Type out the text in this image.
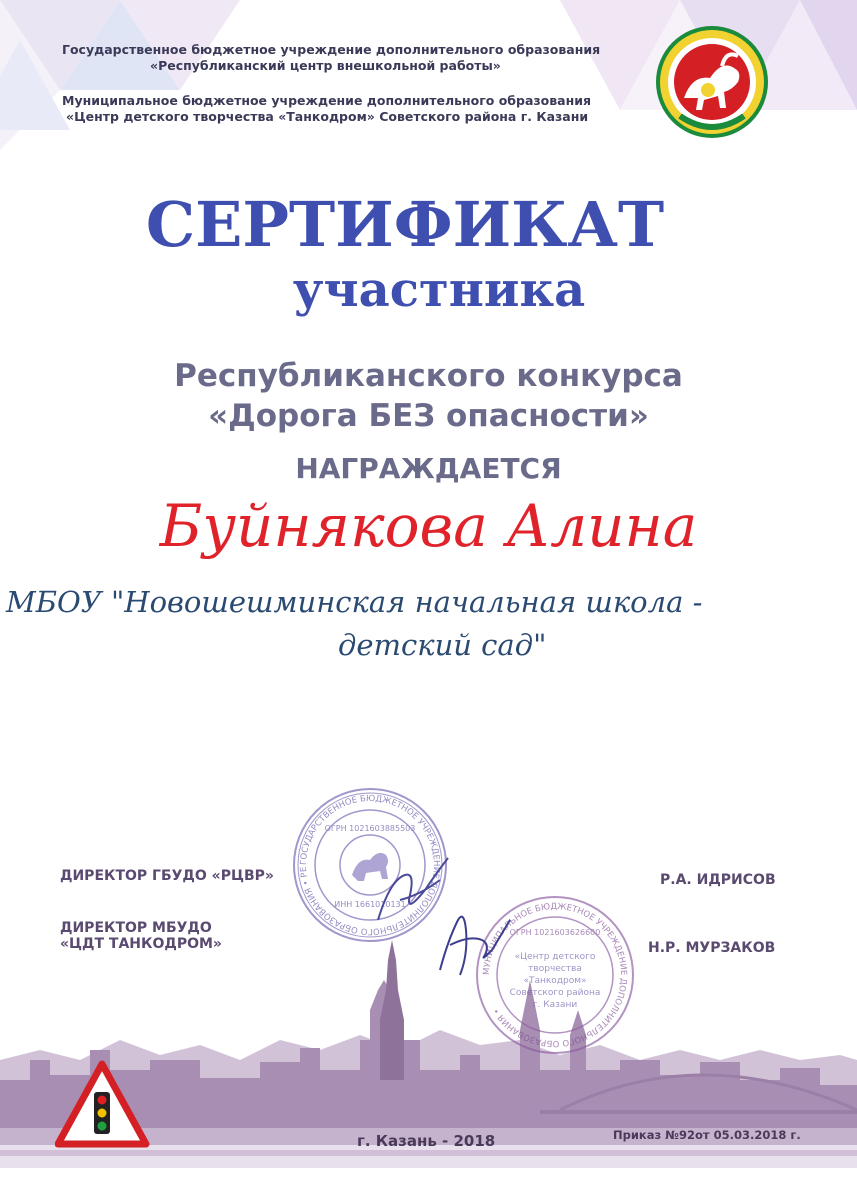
Государственное бюджетное учреждение дополнительного образования
«Республиканский центр внешкольной работы»
Муниципальное бюджетное учреждение дополнительного образования
«Центр детского творчества «Танкодром» Советского района г. Казани
СЕРТИФИКАТ
участника
Республиканского конкурса
«Дорога БЕЗ опасности»
НАГРАЖДАЕТСЯ
Буйнякова Алина
МБОУ "Новошешминская начальная школа -
детский сад"
ГОСУДАРСТВЕННОЕ БЮДЖЕТНОЕ УЧРЕЖДЕНИЕ ДОПОЛНИТЕЛЬНОГО ОБРАЗОВАНИЯ • РЕ
ОГРН 1021603885503
ИНН 1661010131
МУНИЦИПАЛЬНОЕ БЮДЖЕТНОЕ УЧРЕЖДЕНИЕ ДОПОЛНИТЕЛЬНОГО ОБРАЗОВАНИЯ •
ОГРН 1021603626600
«Центр детского
творчества
«Танкодром»
Советского района
г. Казани
ДИРЕКТОР ГБУДО «РЦВР»	Р.А. ИДРИСОВ
ДИРЕКТОР МБУДО
«ЦДТ ТАНКОДРОМ»	Н.Р. МУРЗАКОВ
г. Казань - 2018	Приказ №92от 05.03.2018 г.
